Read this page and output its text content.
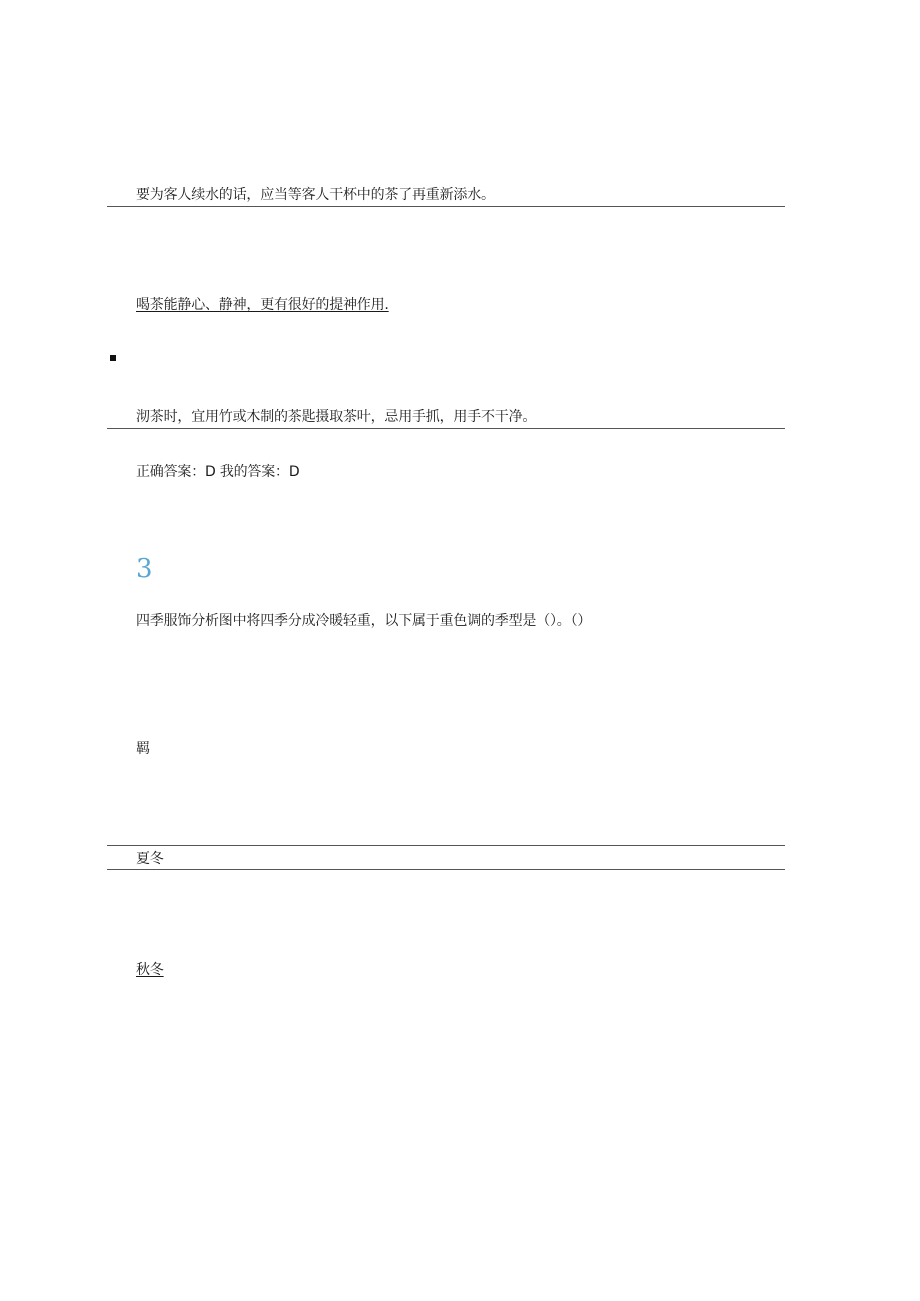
要为客人续水的话，应当等客人干杯中的茶了再重新添水。
喝茶能静心、静神，更有很好的提神作用.
沏茶时，宜用竹或木制的茶匙摄取茶叶，忌用手抓，用手不干净。
正确答案：D 我的答案：D
3
四季服饰分析图中将四季分成冷暖轻重，以下属于重色调的季型是（）。（）
羁
夏冬
秋冬
